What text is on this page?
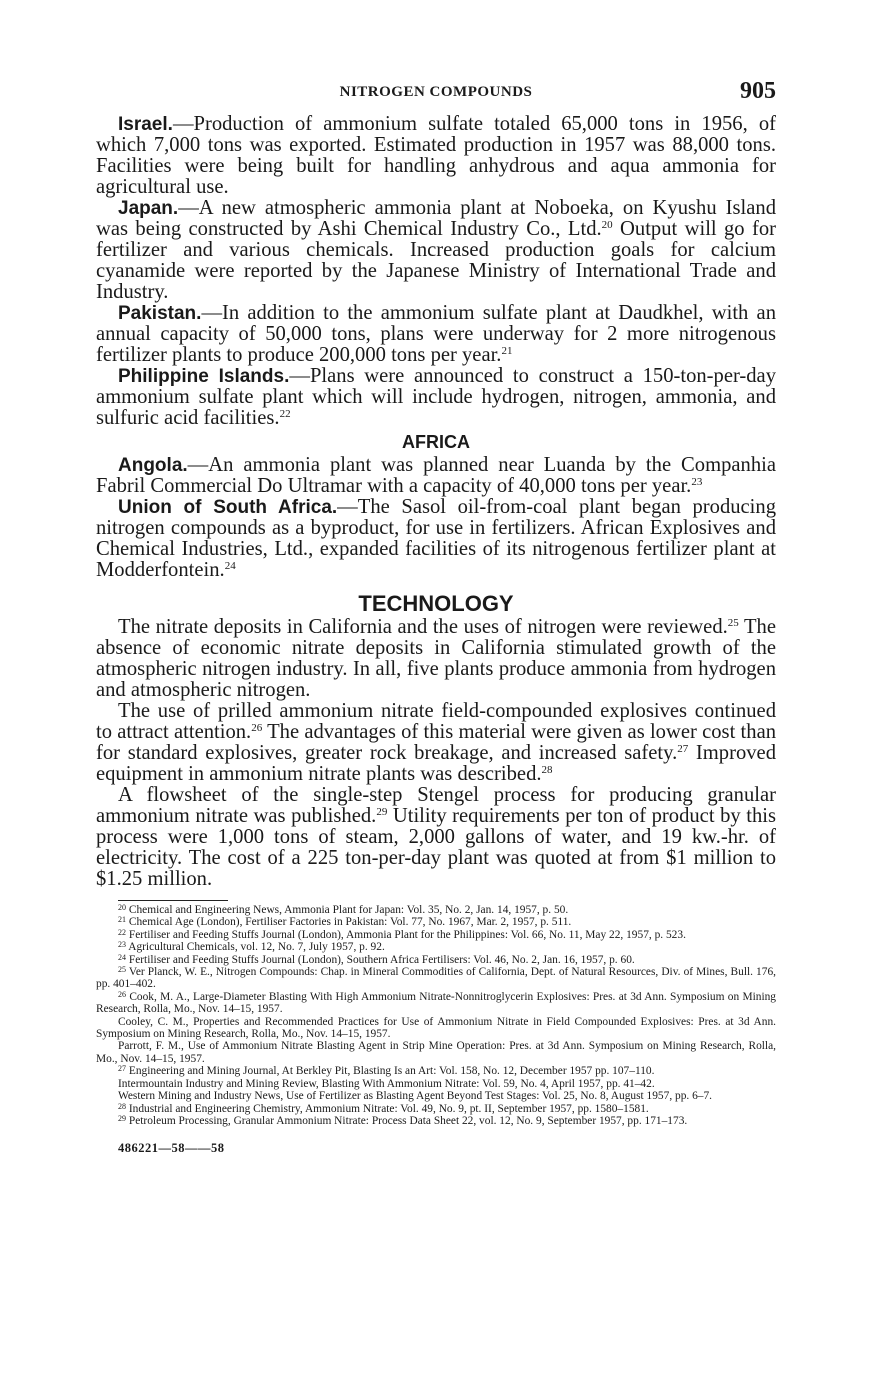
NITROGEN COMPOUNDS	905

Israel.—Production of ammonium sulfate totaled 65,000 tons in 1956, of which 7,000 tons was exported. Estimated production in 1957 was 88,000 tons. Facilities were being built for handling anhydrous and aqua ammonia for agricultural use.

Japan.—A new atmospheric ammonia plant at Noboeka, on Kyushu Island was being constructed by Ashi Chemical Industry Co., Ltd.$^{20}$ Output will go for fertilizer and various chemicals. Increased production goals for calcium cyanamide were reported by the Japanese Ministry of International Trade and Industry.

Pakistan.—In addition to the ammonium sulfate plant at Daudkhel, with an annual capacity of 50,000 tons, plans were underway for 2 more nitrogenous fertilizer plants to produce 200,000 tons per year.$^{21}$

Philippine Islands.—Plans were announced to construct a 150-ton-per-day ammonium sulfate plant which will include hydrogen, nitrogen, ammonia, and sulfuric acid facilities.$^{22}$

AFRICA

Angola.—An ammonia plant was planned near Luanda by the Companhia Fabril Commercial Do Ultramar with a capacity of 40,000 tons per year.$^{23}$

Union of South Africa.—The Sasol oil-from-coal plant began producing nitrogen compounds as a byproduct, for use in fertilizers. African Explosives and Chemical Industries, Ltd., expanded facilities of its nitrogenous fertilizer plant at Modderfontein.$^{24}$

TECHNOLOGY

The nitrate deposits in California and the uses of nitrogen were reviewed.$^{25}$ The absence of economic nitrate deposits in California stimulated growth of the atmospheric nitrogen industry. In all, five plants produce ammonia from hydrogen and atmospheric nitrogen.

The use of prilled ammonium nitrate field-compounded explosives continued to attract attention.$^{26}$ The advantages of this material were given as lower cost than for standard explosives, greater rock breakage, and increased safety.$^{27}$ Improved equipment in ammonium nitrate plants was described.$^{28}$

A flowsheet of the single-step Stengel process for producing granular ammonium nitrate was published.$^{29}$ Utility requirements per ton of product by this process were 1,000 tons of steam, 2,000 gallons of water, and 19 kw.-hr. of electricity. The cost of a 225 ton-per-day plant was quoted at from $1 million to $1.25 million.

$^{20}$ Chemical and Engineering News, Ammonia Plant for Japan: Vol. 35, No. 2, Jan. 14, 1957, p. 50.

$^{21}$ Chemical Age (London), Fertiliser Factories in Pakistan: Vol. 77, No. 1967, Mar. 2, 1957, p. 511.

$^{22}$ Fertiliser and Feeding Stuffs Journal (London), Ammonia Plant for the Philippines: Vol. 66, No. 11, May 22, 1957, p. 523.

$^{23}$ Agricultural Chemicals, vol. 12, No. 7, July 1957, p. 92.

$^{24}$ Fertiliser and Feeding Stuffs Journal (London), Southern Africa Fertilisers: Vol. 46, No. 2, Jan. 16, 1957, p. 60.

$^{25}$ Ver Planck, W. E., Nitrogen Compounds: Chap. in Mineral Commodities of California, Dept. of Natural Resources, Div. of Mines, Bull. 176, pp. 401–402.

$^{26}$ Cook, M. A., Large-Diameter Blasting With High Ammonium Nitrate-Nonnitroglycerin Explosives: Pres. at 3d Ann. Symposium on Mining Research, Rolla, Mo., Nov. 14–15, 1957.

Cooley, C. M., Properties and Recommended Practices for Use of Ammonium Nitrate in Field Compounded Explosives: Pres. at 3d Ann. Symposium on Mining Research, Rolla, Mo., Nov. 14–15, 1957.

Parrott, F. M., Use of Ammonium Nitrate Blasting Agent in Strip Mine Operation: Pres. at 3d Ann. Symposium on Mining Research, Rolla, Mo., Nov. 14–15, 1957.

$^{27}$ Engineering and Mining Journal, At Berkley Pit, Blasting Is an Art: Vol. 158, No. 12, December 1957 pp. 107–110.

Intermountain Industry and Mining Review, Blasting With Ammonium Nitrate: Vol. 59, No. 4, April 1957, pp. 41–42.

Western Mining and Industry News, Use of Fertilizer as Blasting Agent Beyond Test Stages: Vol. 25, No. 8, August 1957, pp. 6–7.

$^{28}$ Industrial and Engineering Chemistry, Ammonium Nitrate: Vol. 49, No. 9, pt. II, September 1957, pp. 1580–1581.

$^{29}$ Petroleum Processing, Granular Ammonium Nitrate: Process Data Sheet 22, vol. 12, No. 9, September 1957, pp. 171–173.

486221—58——58
